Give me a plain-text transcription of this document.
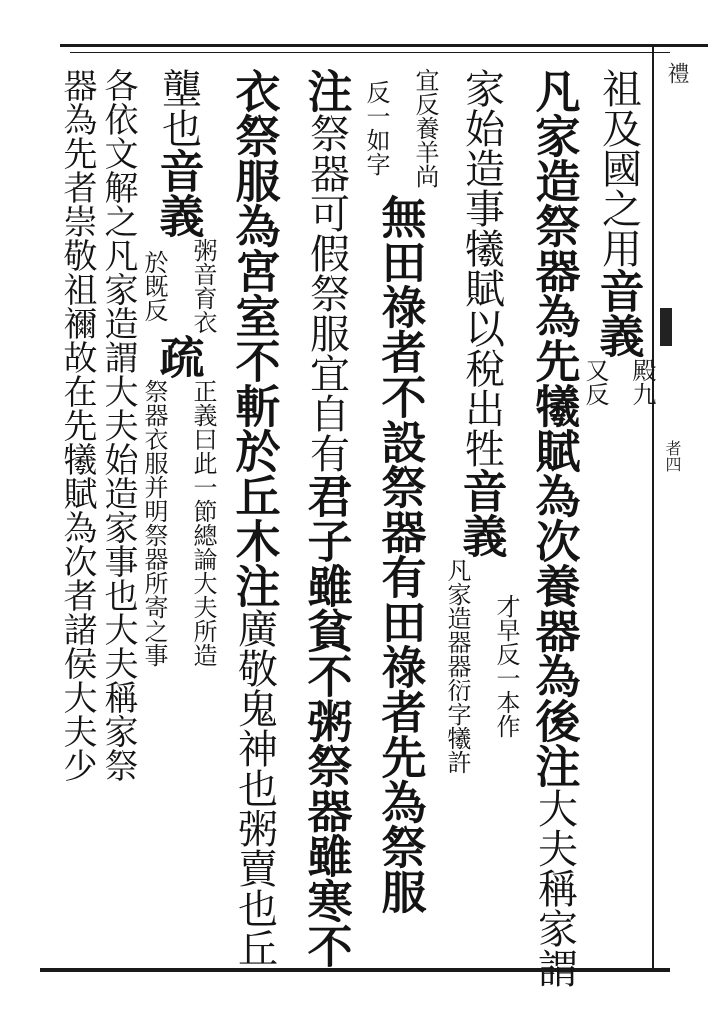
禮
者四
祖及國之用
音義
殿九
又反
凡家造祭器為先犧賦為次養器為後
注
大夫稱家謂
家始造事犧賦以稅出牲
音義
才早反一本作
凡家造器器衍字犧許
宜反養羊尚
反一如字
無田祿者不設祭器有田祿者先為祭服
注
祭器可假祭服宜自有
君子雖貧不粥祭器雖寒不
衣祭服為宮室不斬於丘木
注
廣敬鬼神也粥賣也丘
壟也
音義
粥音育衣
於既反
疏
正義曰此一節總論大夫所造
祭器衣服并明祭器所寄之事
各依文解之凡家造謂大夫始造家事也大夫稱家祭
器為先者崇敬祖禰故在先犧賦為次者諸侯大夫少
